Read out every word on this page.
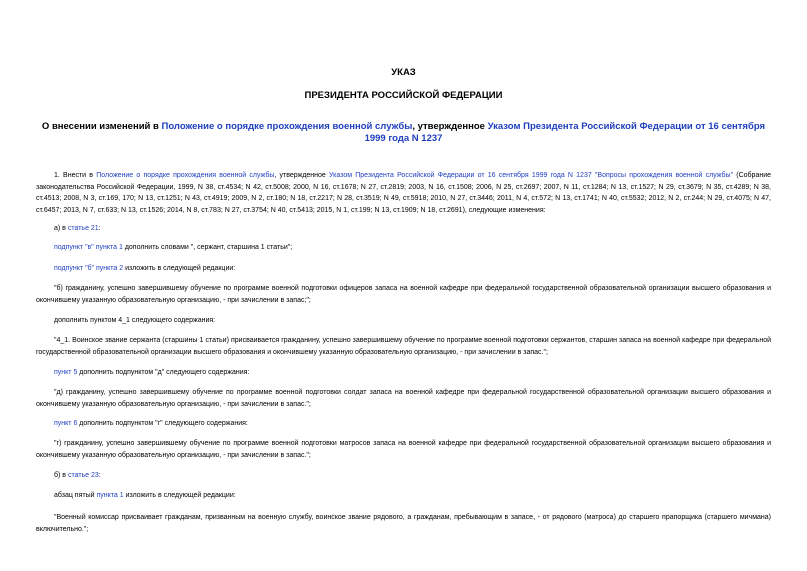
УКАЗ
ПРЕЗИДЕНТА РОССИЙСКОЙ ФЕДЕРАЦИИ
О внесении изменений в Положение о порядке прохождения военной службы, утвержденное Указом Президента Российской Федерации от 16 сентября 1999 года N 1237
1. Внести в Положение о порядке прохождения военной службы, утвержденное Указом Президента Российской Федерации от 16 сентября 1999 года N 1237 "Вопросы прохождения военной службы" (Собрание законодательства Российской Федерации, 1999, N 38, ст.4534; N 42, ст.5008; 2000, N 16, ст.1678; N 27, ст.2819; 2003, N 16, ст.1508; 2006, N 25, ст.2697; 2007, N 11, ст.1284; N 13, ст.1527; N 29, ст.3679; N 35, ст.4289; N 38, ст.4513; 2008, N 3, ст.169, 170; N 13, ст.1251; N 43, ст.4919; 2009, N 2, ст.180; N 18, ст.2217; N 28, ст.3519; N 49, ст.5918; 2010, N 27, ст.3446; 2011, N 4, ст.572; N 13, ст.1741; N 40, ст.5532; 2012, N 2, ст.244; N 29, ст.4075; N 47, ст.6457; 2013, N 7, ст.633; N 13, ст.1526; 2014, N 8, ст.783; N 27, ст.3754; N 40, ст.5413; 2015, N 1, ст.199; N 13, ст.1909; N 18, ст.2691), следующие изменения:
а) в статье 21:
подпункт "в" пункта 1 дополнить словами ", сержант, старшина 1 статьи";
подпункт "б" пункта 2 изложить в следующей редакции:
"б) гражданину, успешно завершившему обучение по программе военной подготовки офицеров запаса на военной кафедре при федеральной государственной образовательной организации высшего образования и окончившему указанную образовательную организацию, - при зачислении в запас;";
дополнить пунктом 4_1 следующего содержания:
"4_1. Воинское звание сержанта (старшины 1 статьи) присваивается гражданину, успешно завершившему обучение по программе военной подготовки сержантов, старшин запаса на военной кафедре при федеральной государственной образовательной организации высшего образования и окончившему указанную образовательную организацию, - при зачислении в запас.";
пункт 5 дополнить подпунктом "д" следующего содержания:
"д) гражданину, успешно завершившему обучение по программе военной подготовки солдат запаса на военной кафедре при федеральной государственной образовательной организации высшего образования и окончившему указанную образовательную организацию, - при зачислении в запас.";
пункт 6 дополнить подпунктом "г" следующего содержания:
"г) гражданину, успешно завершившему обучение по программе военной подготовки матросов запаса на военной кафедре при федеральной государственной образовательной организации высшего образования и окончившему указанную образовательную организацию, - при зачислении в запас.";
б) в статье 23:
абзац пятый пункта 1 изложить в следующей редакции:
"Военный комиссар присваивает гражданам, призванным на военную службу, воинское звание рядового, а гражданам, пребывающим в запасе, - от рядового (матроса) до старшего прапорщика (старшего мичмана) включительно.";
